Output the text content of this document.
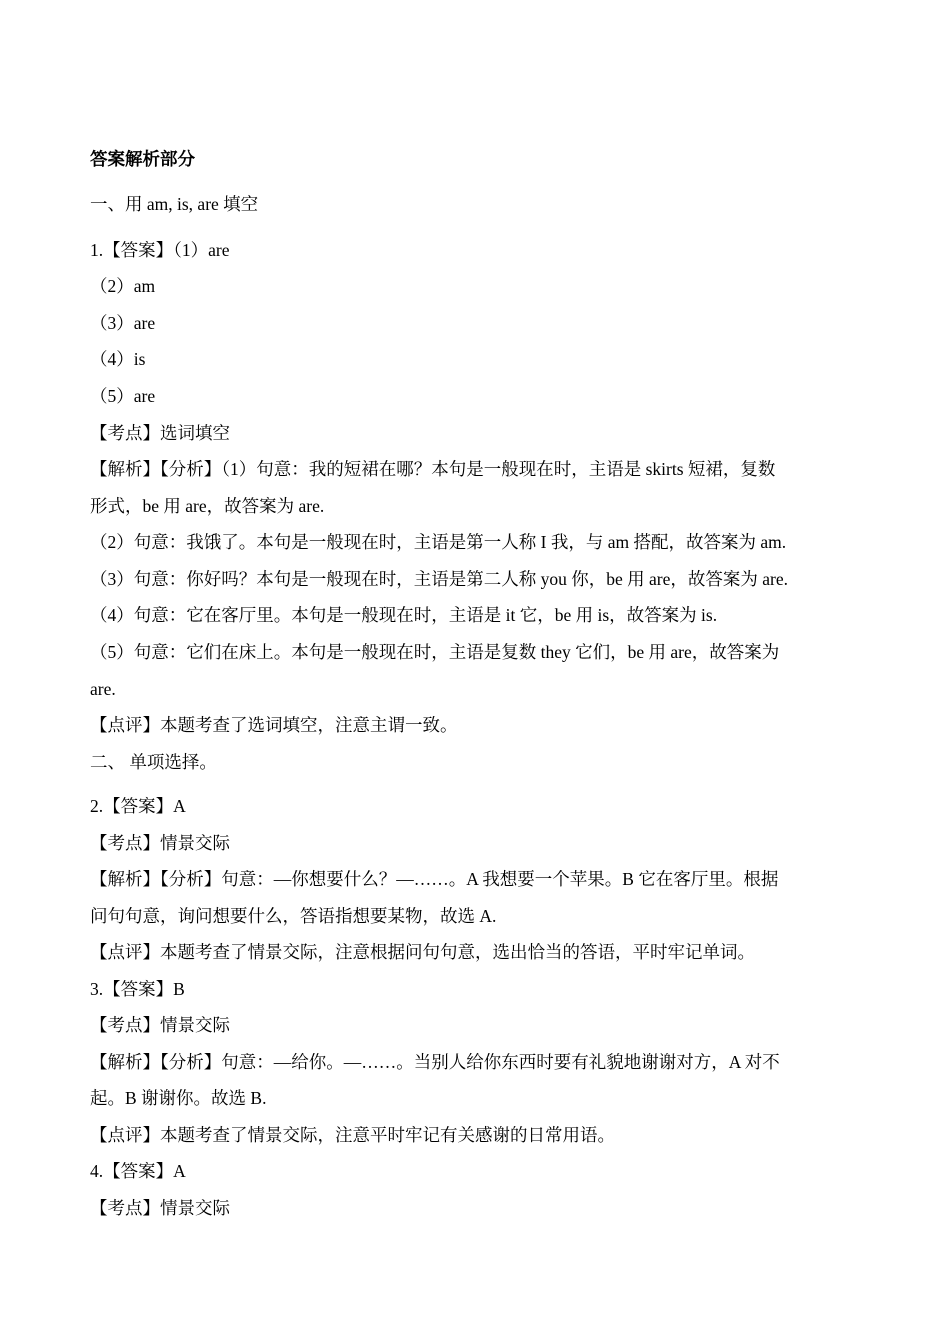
答案解析部分

一、用 am, is, are 填空

1.【答案】（1）are

（2）am

（3）are

（4）is

（5）are

【考点】选词填空

【解析】【分析】（1）句意：我的短裙在哪？本句是一般现在时，主语是 skirts 短裙，复数

形式，be 用 are，故答案为 are.

（2）句意：我饿了。本句是一般现在时，主语是第一人称 I 我，与 am 搭配，故答案为 am.

（3）句意：你好吗？本句是一般现在时，主语是第二人称 you 你，be 用 are，故答案为 are.

（4）句意：它在客厅里。本句是一般现在时，主语是 it 它，be 用 is，故答案为 is.

（5）句意：它们在床上。本句是一般现在时，主语是复数 they 它们，be 用 are，故答案为

are.

【点评】本题考查了选词填空，注意主谓一致。

二、 单项选择。

2.【答案】A

【考点】情景交际

【解析】【分析】句意：—你想要什么？—……。A 我想要一个苹果。B 它在客厅里。根据

问句句意，询问想要什么，答语指想要某物，故选 A.

【点评】本题考查了情景交际，注意根据问句句意，选出恰当的答语，平时牢记单词。

3.【答案】B

【考点】情景交际

【解析】【分析】句意：—给你。—……。当别人给你东西时要有礼貌地谢谢对方，A 对不

起。B 谢谢你。故选 B.

【点评】本题考查了情景交际，注意平时牢记有关感谢的日常用语。

4.【答案】A

【考点】情景交际
